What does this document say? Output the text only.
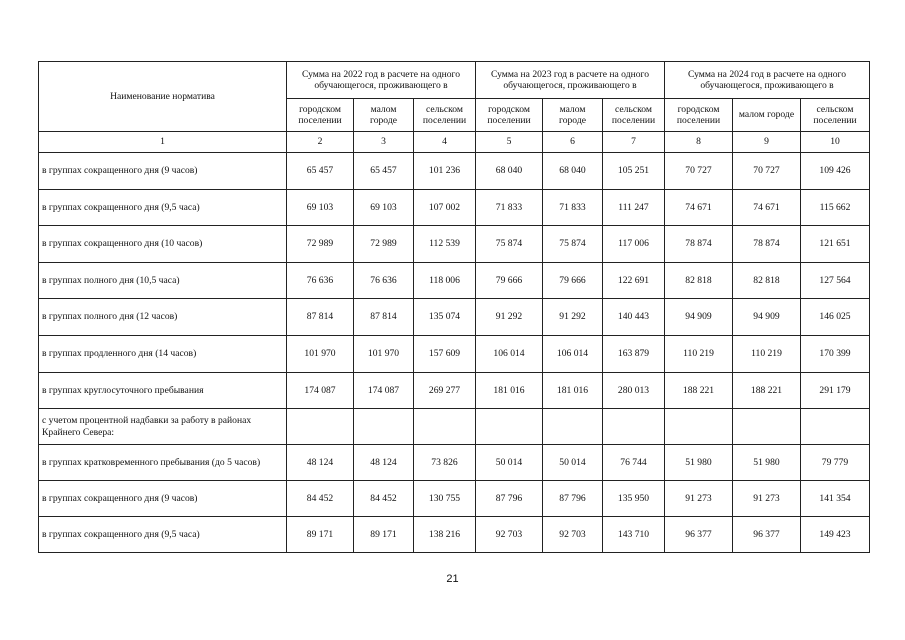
Наименование норматива	Сумма на 2022 год в расчете на одного обучающегося, проживающего в			Сумма на 2023 год в расчете на одного обучающегося, проживающего в			Сумма на 2024 год в расчете на одного обучающегося, проживающего в		
	городском поселении	малом городе	сельском поселении	городском поселении	малом городе	сельском поселении	городском поселении	малом городе	сельском поселении
1	2	3	4	5	6	7	8	9	10
в группах сокращенного дня (9 часов)	65 457	65 457	101 236	68 040	68 040	105 251	70 727	70 727	109 426
в группах сокращенного дня (9,5 часа)	69 103	69 103	107 002	71 833	71 833	111 247	74 671	74 671	115 662
в группах сокращенного дня (10 часов)	72 989	72 989	112 539	75 874	75 874	117 006	78 874	78 874	121 651
в группах полного дня (10,5 часа)	76 636	76 636	118 006	79 666	79 666	122 691	82 818	82 818	127 564
в группах полного дня (12 часов)	87 814	87 814	135 074	91 292	91 292	140 443	94 909	94 909	146 025
в группах продленного дня (14 часов)	101 970	101 970	157 609	106 014	106 014	163 879	110 219	110 219	170 399
в группах круглосуточного пребывания	174 087	174 087	269 277	181 016	181 016	280 013	188 221	188 221	291 179
с учетом процентной надбавки за работу в районах Крайнего Севера:									
в группах кратковременного пребывания (до 5 часов)	48 124	48 124	73 826	50 014	50 014	76 744	51 980	51 980	79 779
в группах сокращенного дня (9 часов)	84 452	84 452	130 755	87 796	87 796	135 950	91 273	91 273	141 354
в группах сокращенного дня (9,5 часа)	89 171	89 171	138 216	92 703	92 703	143 710	96 377	96 377	149 423
21
